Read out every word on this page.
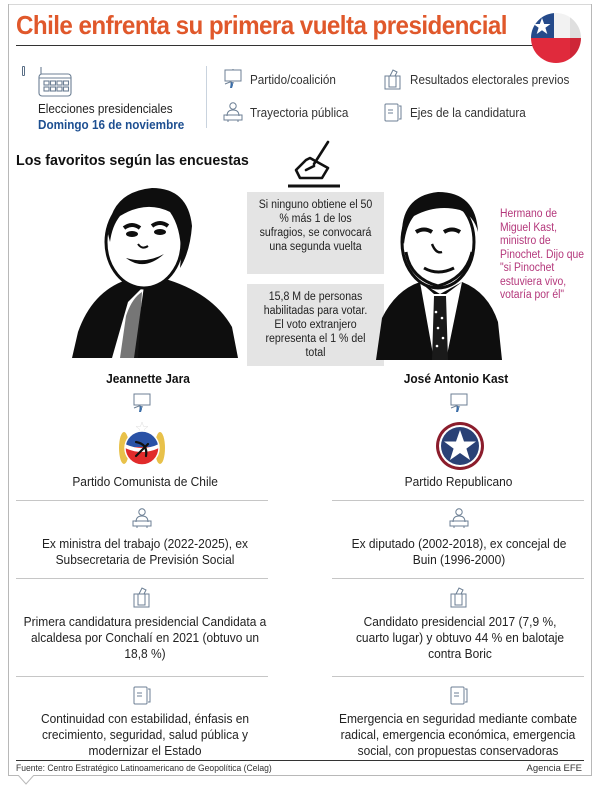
Chile enfrenta su primera vuelta presidencial
Elecciones presidenciales
Domingo 16 de noviembre
Partido/coalición	Resultados electorales previos
Trayectoria pública	Ejes de la candidatura
Los favoritos según las encuestas
Si ninguno obtiene el 50 % más 1 de los sufragios, se convocará una segunda vuelta
15,8 M de personas habilitadas para votar. El voto extranjero representa el 1 % del total
Hermano de Miguel Kast, ministro de Pinochet. Dijo que "si Pinochet estuviera vivo, votaría por él"
Jeannette Jara	José Antonio Kast
Partido Comunista de Chile	Partido Republicano
Ex ministra del trabajo (2022-2025), ex Subsecretaria de Previsión Social
Ex diputado (2002-2018), ex concejal de Buin (1996-2000)
Primera candidatura presidencial Candidata a alcaldesa por Conchalí en 2021 (obtuvo un 18,8 %)
Candidato presidencial 2017 (7,9 %, cuarto lugar) y obtuvo 44 % en balotaje contra Boric
Continuidad con estabilidad, énfasis en crecimiento, seguridad, salud pública y modernizar el Estado
Emergencia en seguridad mediante combate radical, emergencia económica, emergencia social, con propuestas conservadoras
Fuente: Centro Estratégico Latinoamericano de Geopolítica (Celag)	Agencia EFE
